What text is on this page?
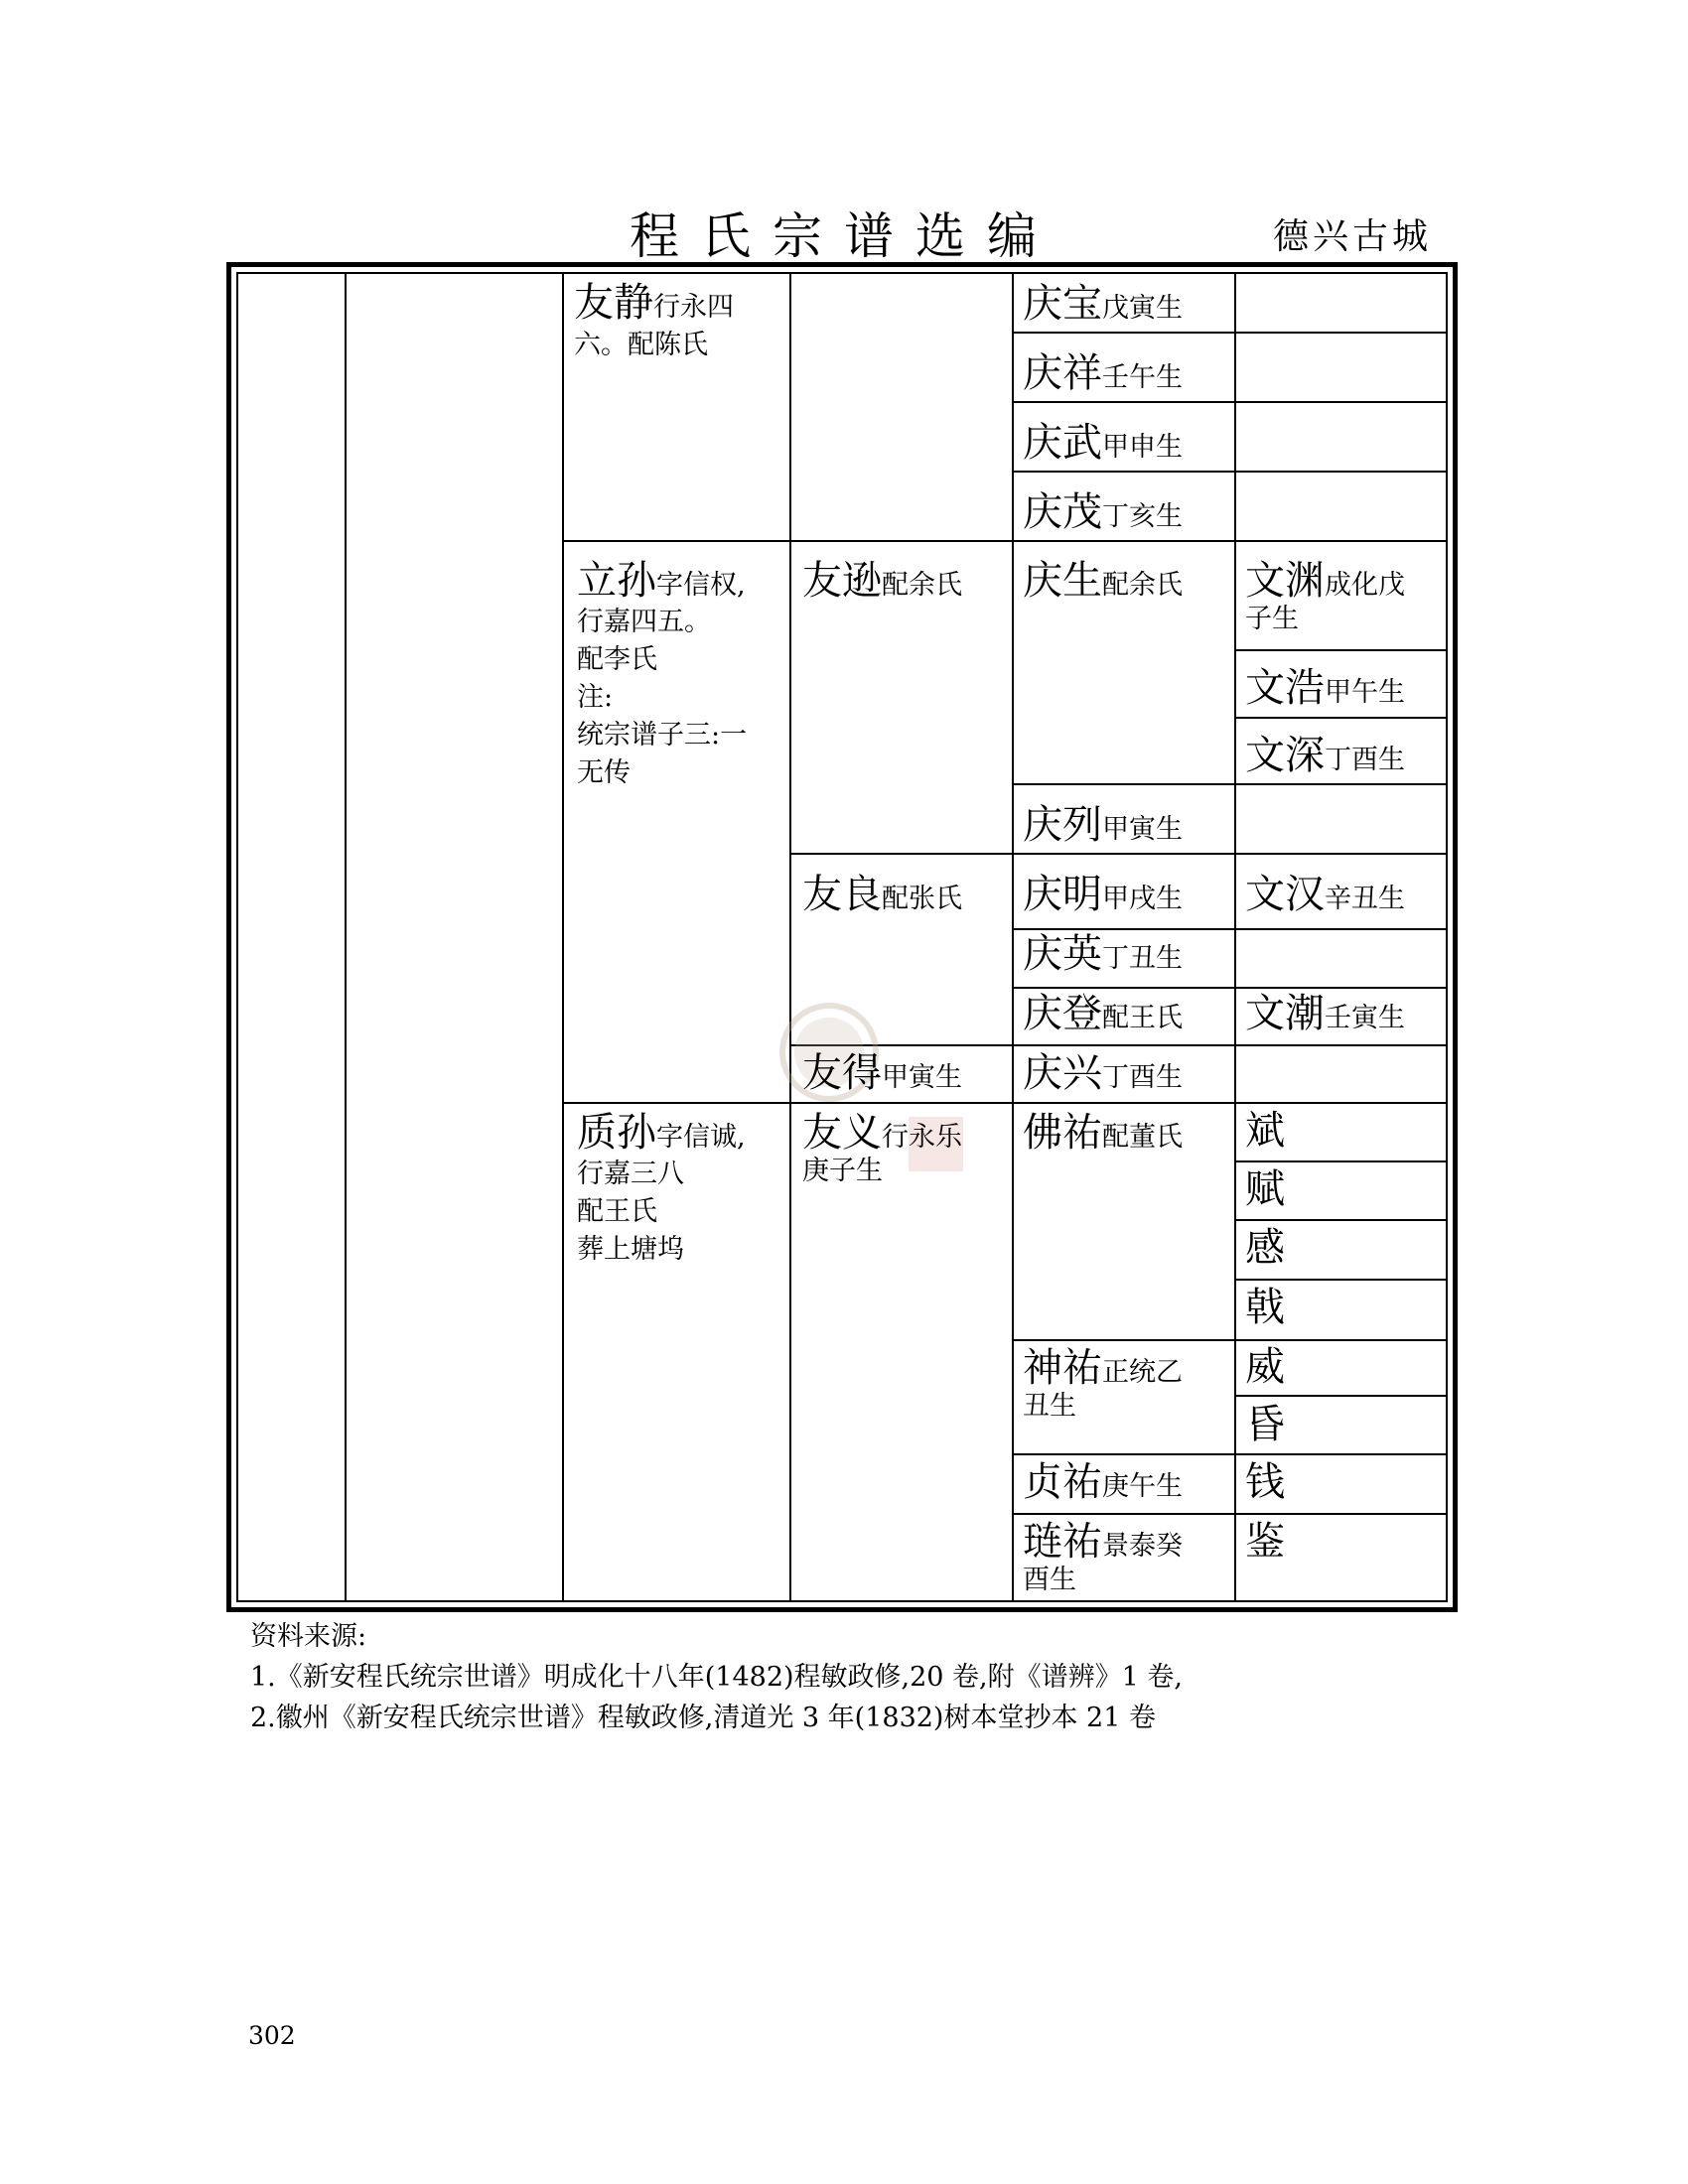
程氏宗谱选编	德兴古城
友静行永四六。配陈氏
庆宝戊寅生
庆祥壬午生
庆武甲申生
庆茂丁亥生
立孙字信权,
行嘉四五。
配李氏
注:
统宗谱子三:一
无传
友逊配余氏 庆生配余氏 文渊成化戊
子生
文浩甲午生
文深丁酉生
庆列甲寅生
友良配张氏 庆明甲戌生 文汉辛丑生
庆英丁丑生
庆登配王氏 文潮壬寅生
友得甲寅生 庆兴丁酉生
质孙字信诚,
行嘉三八
配王氏
葬上塘坞
友义行永乐
庚子生
佛祐配董氏 斌
赋
感
戟
神祐正统乙
丑生
威
昏
贞祐庚午生 钱
琏祐景泰癸
酉生
鉴
资料来源:
1.《新安程氏统宗世谱》明成化十八年(1482)程敏政修,20 卷,附《谱辨》1 卷,
2.徽州《新安程氏统宗世谱》程敏政修,清道光 3 年(1832)树本堂抄本 21 卷
302
